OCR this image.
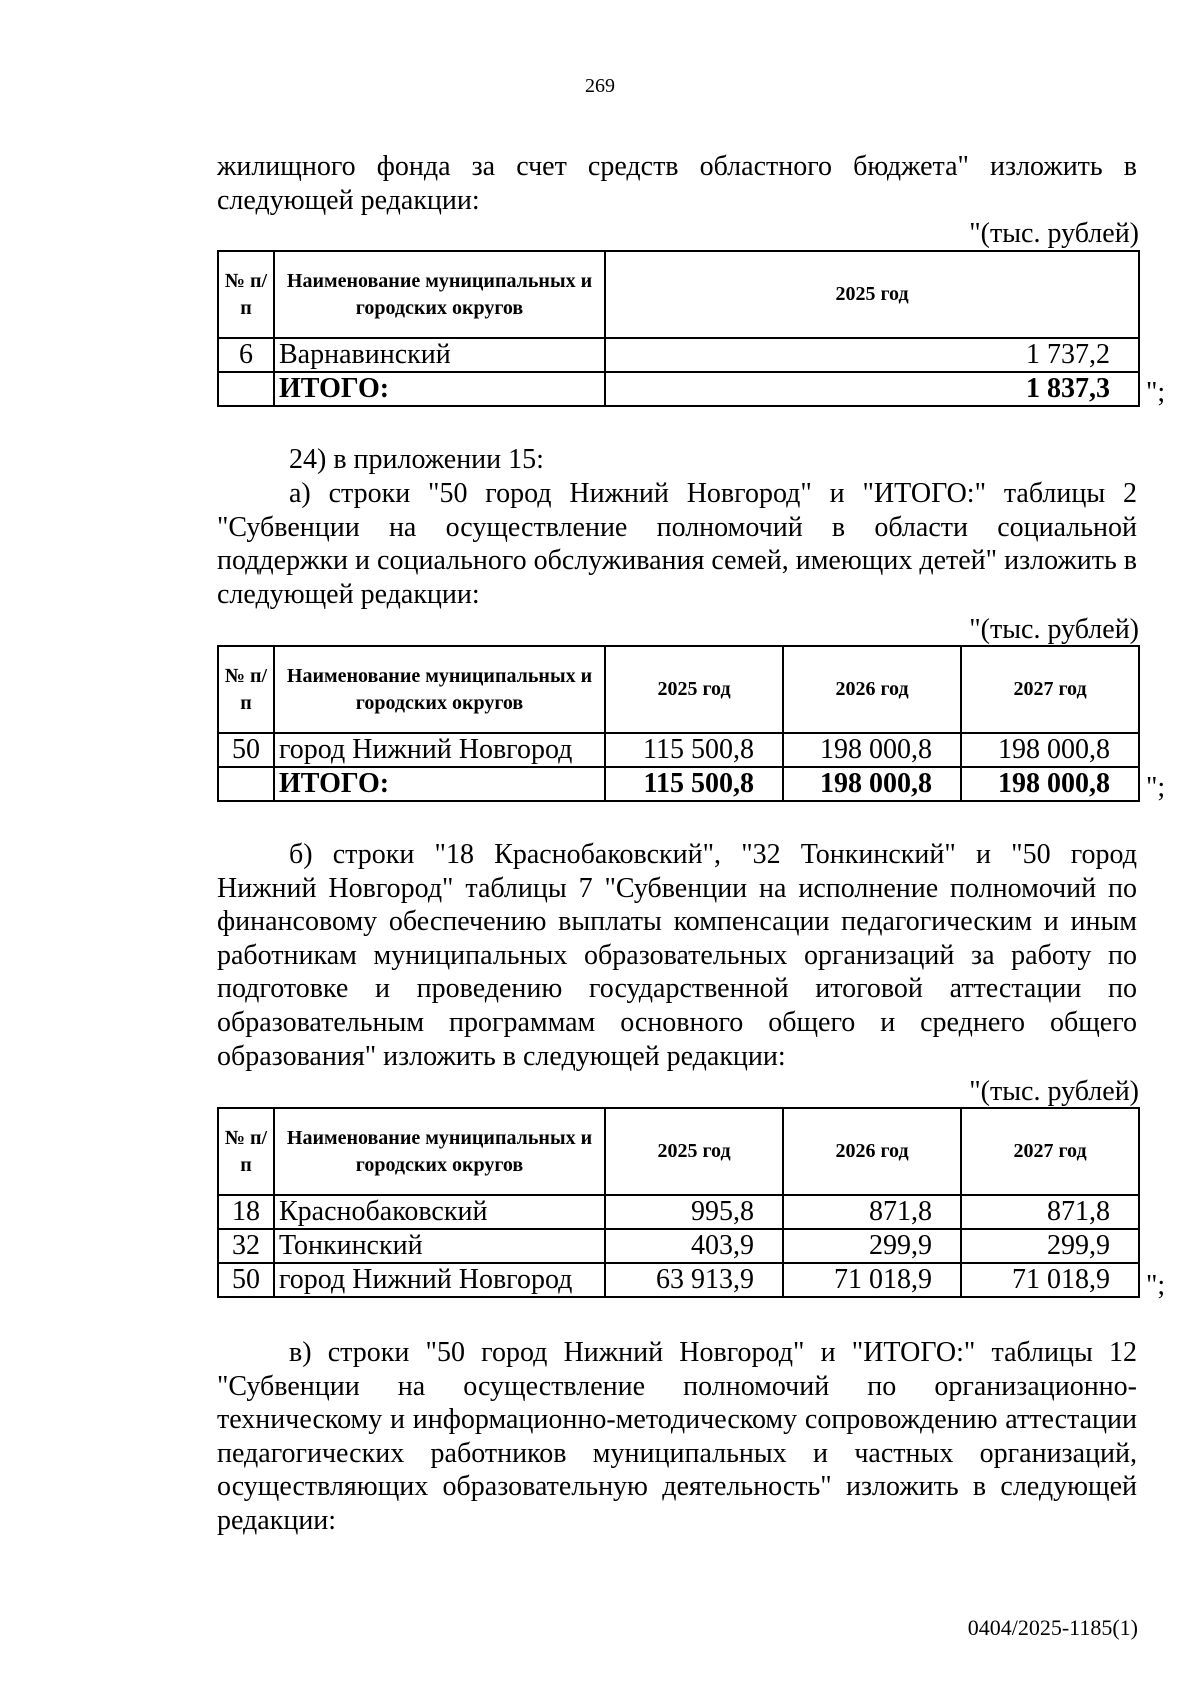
269
жилищного фонда за счет средств областного бюджета" изложить в следующей редакции:
"(тыс. рублей)
№ п/п	Наименование муниципальных и городских округов	2025 год
6	Варнавинский	1 737,2
	ИТОГО:	1 837,3 ";
24) в приложении 15:
а) строки "50 город Нижний Новгород" и "ИТОГО:" таблицы 2 "Субвенции на осуществление полномочий в области социальной поддержки и социального обслуживания семей, имеющих детей" изложить в следующей редакции:
"(тыс. рублей)
№ п/п	Наименование муниципальных и городских округов	2025 год	2026 год	2027 год
50	город Нижний Новгород	115 500,8	198 000,8	198 000,8
	ИТОГО:	115 500,8	198 000,8	198 000,8 ";
б) строки "18 Краснобаковский", "32 Тонкинский" и "50 город Нижний Новгород" таблицы 7 "Субвенции на исполнение полномочий по финансовому обеспечению выплаты компенсации педагогическим и иным работникам муниципальных образовательных организаций за работу по подготовке и проведению государственной итоговой аттестации по образовательным программам основного общего и среднего общего образования" изложить в следующей редакции:
"(тыс. рублей)
№ п/п	Наименование муниципальных и городских округов	2025 год	2026 год	2027 год
18	Краснобаковский	995,8	871,8	871,8
32	Тонкинский	403,9	299,9	299,9
50	город Нижний Новгород	63 913,9	71 018,9	71 018,9 ";
в) строки "50 город Нижний Новгород" и "ИТОГО:" таблицы 12 "Субвенции на осуществление полномочий по организационно-техническому и информационно-методическому сопровождению аттестации педагогических работников муниципальных и частных организаций, осуществляющих образовательную деятельность" изложить в следующей редакции:
0404/2025-1185(1)
